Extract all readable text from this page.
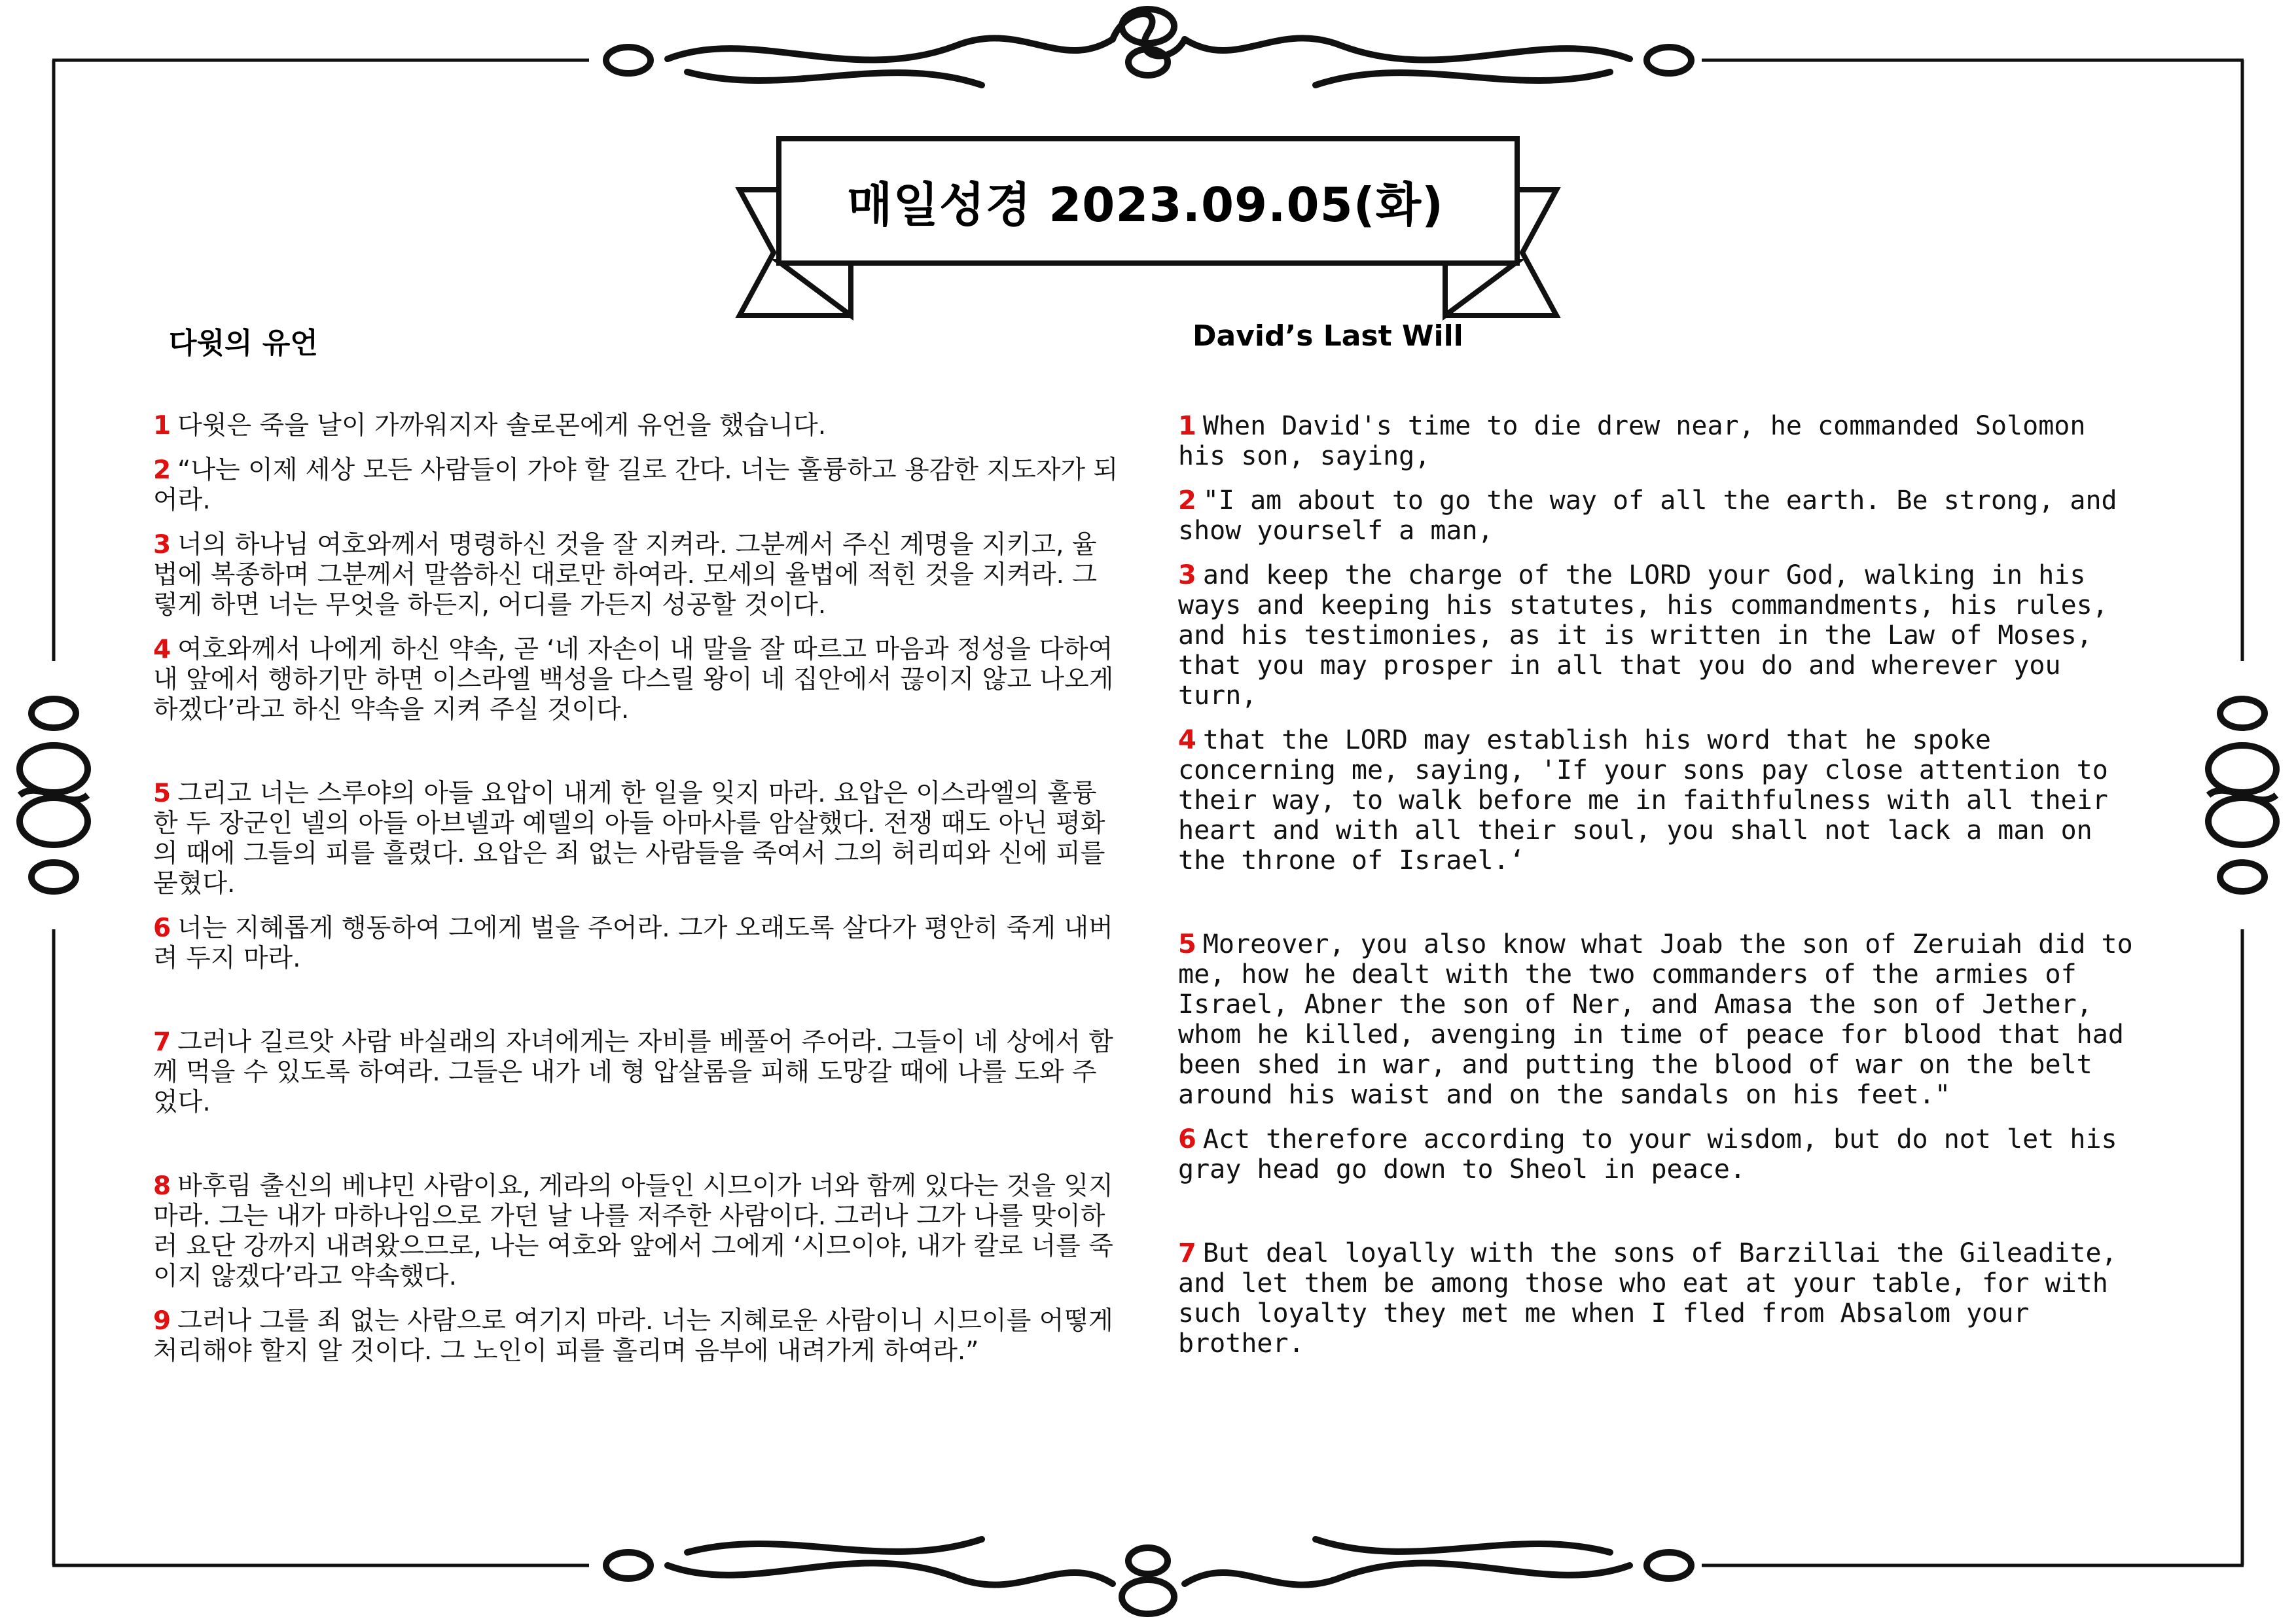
매일성경 2023.09.05(화)
다윗의 유언	David’s Last Will

1 다윗은 죽을 날이 가까워지자 솔로몬에게 유언을 했습니다.

2 “나는 이제 세상 모든 사람들이 가야 할 길로 간다. 너는 훌륭하고 용감한 지도자가 되어라.

3 너의 하나님 여호와께서 명령하신 것을 잘 지켜라. 그분께서 주신 계명을 지키고, 율법에 복종하며 그분께서 말씀하신 대로만 하여라. 모세의 율법에 적힌 것을 지켜라. 그렇게 하면 너는 무엇을 하든지, 어디를 가든지 성공할 것이다.

4 여호와께서 나에게 하신 약속, 곧 ‘네 자손이 내 말을 잘 따르고 마음과 정성을 다하여 내 앞에서 행하기만 하면 이스라엘 백성을 다스릴 왕이 네 집안에서 끊이지 않고 나오게 하겠다’라고 하신 약속을 지켜 주실 것이다.

5 그리고 너는 스루야의 아들 요압이 내게 한 일을 잊지 마라. 요압은 이스라엘의 훌륭한 두 장군인 넬의 아들 아브넬과 예델의 아들 아마사를 암살했다. 전쟁 때도 아닌 평화의 때에 그들의 피를 흘렸다. 요압은 죄 없는 사람들을 죽여서 그의 허리띠와 신에 피를 묻혔다.

6 너는 지혜롭게 행동하여 그에게 벌을 주어라. 그가 오래도록 살다가 평안히 죽게 내버려 두지 마라.

7 그러나 길르앗 사람 바실래의 자녀에게는 자비를 베풀어 주어라. 그들이 네 상에서 함께 먹을 수 있도록 하여라. 그들은 내가 네 형 압살롬을 피해 도망갈 때에 나를 도와 주었다.

8 바후림 출신의 베냐민 사람이요, 게라의 아들인 시므이가 너와 함께 있다는 것을 잊지 마라. 그는 내가 마하나임으로 가던 날 나를 저주한 사람이다. 그러나 그가 나를 맞이하러 요단 강까지 내려왔으므로, 나는 여호와 앞에서 그에게 ‘시므이야, 내가 칼로 너를 죽이지 않겠다’라고 약속했다.

9 그러나 그를 죄 없는 사람으로 여기지 마라. 너는 지혜로운 사람이니 시므이를 어떻게 처리해야 할지 알 것이다. 그 노인이 피를 흘리며 음부에 내려가게 하여라.”

1 When David's time to die drew near, he commanded Solomon his son, saying,

2 "I am about to go the way of all the earth. Be strong, and show yourself a man,

3 and keep the charge of the LORD your God, walking in his ways and keeping his statutes, his commandments, his rules, and his testimonies, as it is written in the Law of Moses, that you may prosper in all that you do and wherever you turn,

4 that the LORD may establish his word that he spoke concerning me, saying, 'If your sons pay close attention to their way, to walk before me in faithfulness with all their heart and with all their soul, you shall not lack a man on the throne of Israel.‘

5 Moreover, you also know what Joab the son of Zeruiah did to me, how he dealt with the two commanders of the armies of Israel, Abner the son of Ner, and Amasa the son of Jether, whom he killed, avenging in time of peace for blood that had been shed in war, and putting the blood of war on the belt around his waist and on the sandals on his feet."

6 Act therefore according to your wisdom, but do not let his gray head go down to Sheol in peace.

7 But deal loyally with the sons of Barzillai the Gileadite, and let them be among those who eat at your table, for with such loyalty they met me when I fled from Absalom your brother.
